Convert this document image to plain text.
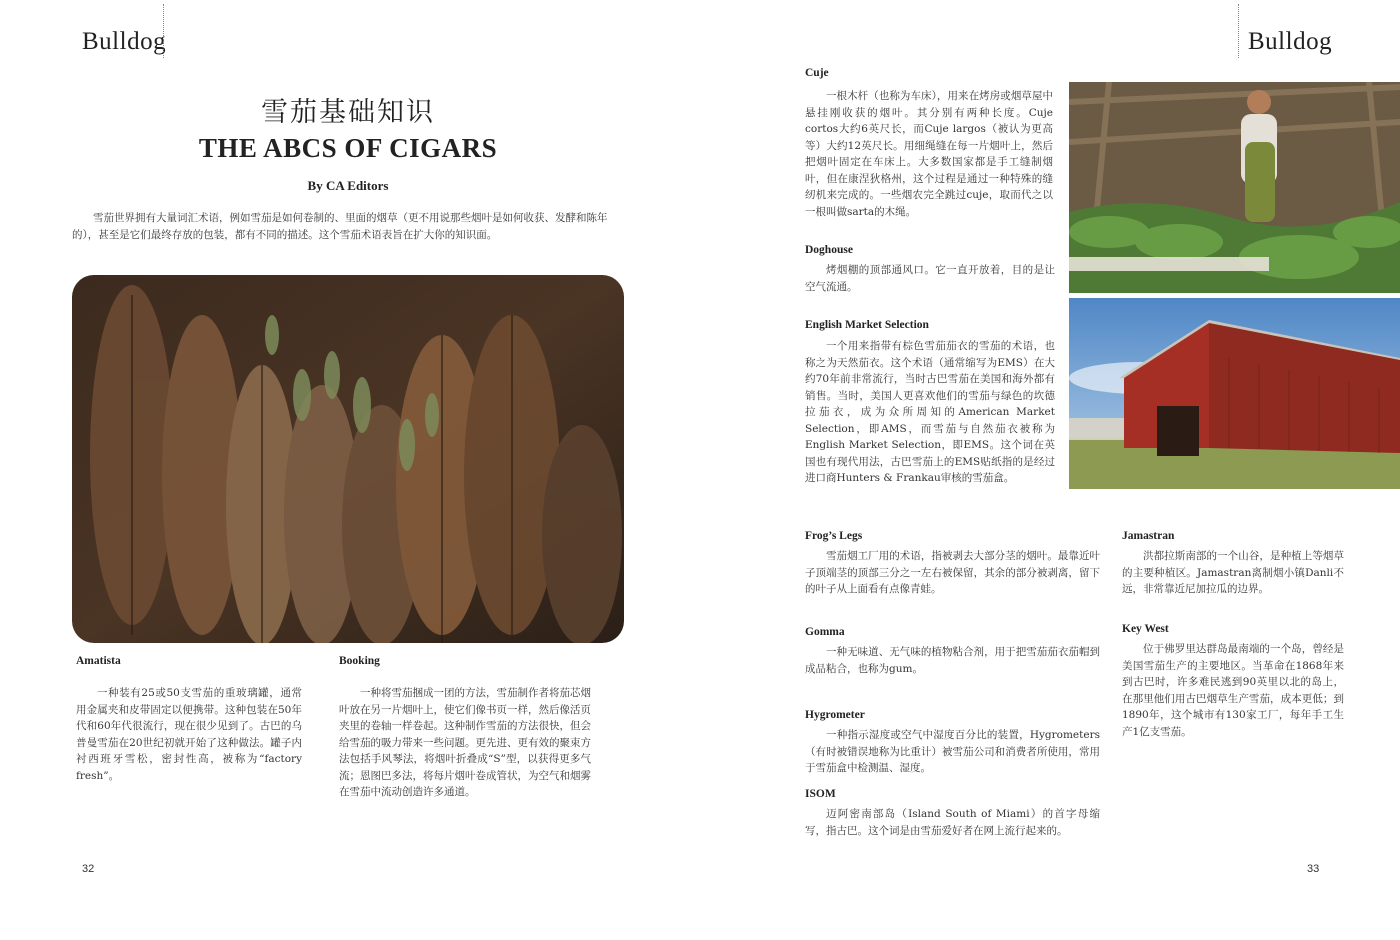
Bulldog	Bulldog
雪茄基础知识
THE ABCS OF CIGARS
By CA Editors
雪茄世界拥有大量词汇术语，例如雪茄是如何卷制的、里面的烟草（更不用说那些烟叶是如何收获、发酵和陈年的），甚至是它们最终存放的包装，都有不同的描述。这个雪茄术语表旨在扩大你的知识面。
Amatista

一种装有25或50支雪茄的重玻璃罐，通常用金属夹和皮带固定以便携带。这种包装在50年代和60年代很流行，现在很少见到了。古巴的乌普曼雪茄在20世纪初就开始了这种做法。罐子内衬西班牙雪松，密封性高，被称为“factory fresh”。

Booking

一种将雪茄捆成一团的方法，雪茄制作者将茄芯烟叶放在另一片烟叶上，使它们像书页一样，然后像活页夹里的卷轴一样卷起。这种制作雪茄的方法很快，但会给雪茄的吸力带来一些问题。更先进、更有效的聚束方法包括手风琴法，将烟叶折叠成“S”型，以获得更多气流；恩图巴多法，将每片烟叶卷成管状，为空气和烟雾在雪茄中流动创造许多通道。

Cuje

一根木杆（也称为车床），用来在烤房或烟草屋中悬挂刚收获的烟叶。其分别有两种长度。Cuje cortos大约6英尺长，而Cuje largos（被认为更高等）大约12英尺长。用细绳缝在每一片烟叶上，然后把烟叶固定在车床上。大多数国家都是手工缝制烟叶，但在康涅狄格州，这个过程是通过一种特殊的缝纫机来完成的。一些烟农完全跳过cuje，取而代之以一根叫做sarta的木绳。

Doghouse

烤烟棚的顶部通风口。它一直开放着，目的是让空气流通。

English Market Selection

一个用来指带有棕色雪茄茄衣的雪茄的术语，也称之为天然茄衣。这个术语（通常缩写为EMS）在大约70年前非常流行，当时古巴雪茄在美国和海外都有销售。当时，美国人更喜欢他们的雪茄与绿色的坎德拉茄衣，成为众所周知的American Market Selection，即AMS，而雪茄与自然茄衣被称为English Market Selection，即EMS。这个词在英国也有现代用法，古巴雪茄上的EMS贴纸指的是经过进口商Hunters & Frankau审核的雪茄盒。

Frog’s Legs

雪茄烟工厂用的术语，指被剥去大部分茎的烟叶。最靠近叶子顶端茎的顶部三分之一左右被保留，其余的部分被剥离，留下的叶子从上面看有点像青蛙。

Gomma

一种无味道、无气味的植物粘合剂，用于把雪茄茄衣茄帽到成品粘合，也称为gum。

Hygrometer

一种指示湿度或空气中湿度百分比的装置，Hygrometers（有时被错误地称为比重计）被雪茄公司和消费者所使用，常用于雪茄盒中检测温、湿度。

ISOM

迈阿密南部岛（Island South of Miami）的首字母缩写，指古巴。这个词是由雪茄爱好者在网上流行起来的。

Jamastran

洪都拉斯南部的一个山谷，是种植上等烟草的主要种植区。Jamastran离制烟小镇Danli不远，非常靠近尼加拉瓜的边界。

Key West

位于佛罗里达群岛最南端的一个岛，曾经是美国雪茄生产的主要地区。当革命在1868年来到古巴时，许多难民逃到90英里以北的岛上，在那里他们用古巴烟草生产雪茄，成本更低；到1890年，这个城市有130家工厂，每年手工生产1亿支雪茄。

32	33
